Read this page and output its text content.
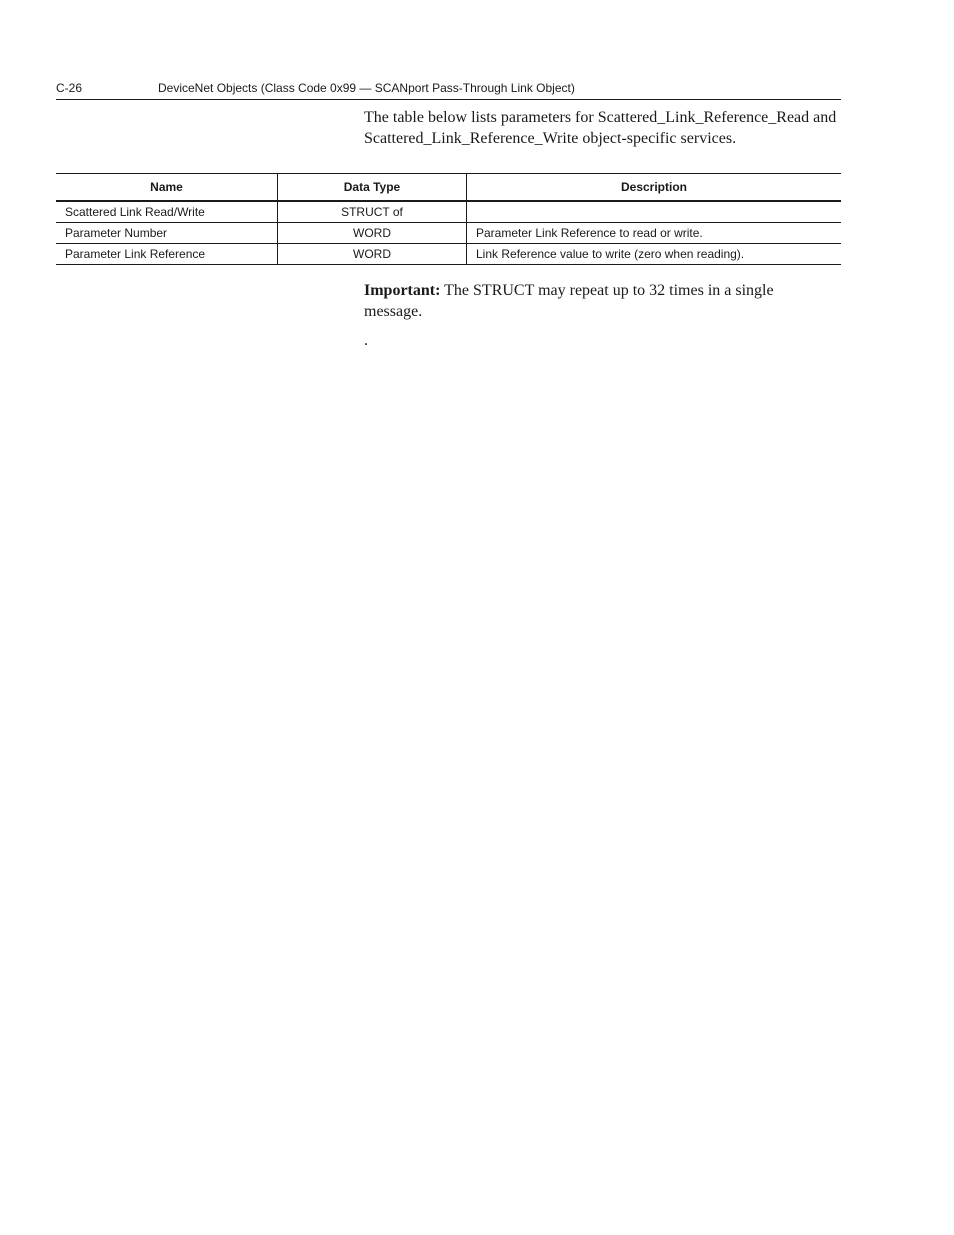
C-26	DeviceNet Objects (Class Code 0x99 — SCANport Pass-Through Link Object)

The table below lists parameters for Scattered_Link_Reference_Read and Scattered_Link_Reference_Write object-specific services.

Name	Data Type	Description
Scattered Link Read/Write	STRUCT of	
Parameter Number	WORD	Parameter Link Reference to read or write.
Parameter Link Reference	WORD	Link Reference value to write (zero when reading).

Important: The STRUCT may repeat up to 32 times in a single message.

.
